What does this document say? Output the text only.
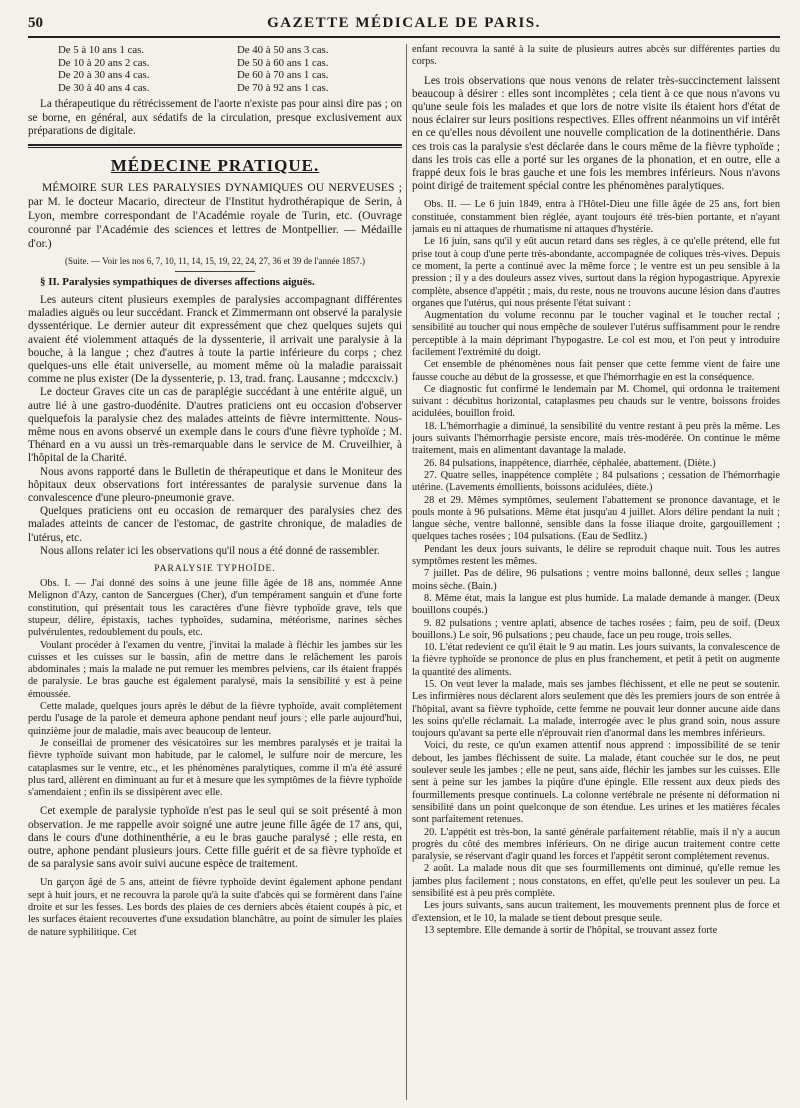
50	GAZETTE MÉDICALE DE PARIS.
De 5 à 10 ans 1 cas.	De 40 à 50 ans 3 cas.
De 10 à 20 ans 2 cas.	De 50 à 60 ans 1 cas.
De 20 à 30 ans 4 cas.	De 60 à 70 ans 1 cas.
De 30 à 40 ans 4 cas.	De 70 à 92 ans 1 cas.

La thérapeutique du rétrécissement de l'aorte n'existe pas pour ainsi dire pas ; on se borne, en général, aux sédatifs de la circulation, presque exclusivement aux préparations de digitale.

MÉDECINE PRATIQUE.
MÉMOIRE SUR LES PARALYSIES DYNAMIQUES OU NERVEUSES ; par M. le docteur Macario, directeur de l'Institut hydrothérapique de Serin, à Lyon, membre correspondant de l'Académie royale de Turin, etc. (Ouvrage couronné par l'Académie des sciences et lettres de Montpellier. — Médaille d'or.)
(Suite. — Voir les nos 6, 7, 10, 11, 14, 15, 19, 22, 24, 27, 36 et 39 de l'année 1857.)
§ II. Paralysies sympathiques de diverses affections aiguës.

Les auteurs citent plusieurs exemples de paralysies accompagnant différentes maladies aiguës ou leur succédant. Franck et Zimmermann ont observé la paralysie dyssentérique. Le dernier auteur dit expressément que chez quelques sujets qui avaient été violemment attaqués de la dyssenterie, il arrivait une paralysie à la bouche, à la langue ; chez d'autres à toute la partie inférieure du corps ; chez quelques-uns elle était universelle, au moment même où la maladie paraissait comme ne plus exister (De la dyssenterie, p. 13, trad. franç. Lausanne ; mdccxciv.)

Le docteur Graves cite un cas de paraplégie succédant à une entérite aiguë, un autre lié à une gastro-duodénite. D'autres praticiens ont eu occasion d'observer quelquefois la paralysie chez des malades atteints de fièvre intermittente. Nous-même nous en avons observé un exemple dans le cours d'une fièvre typhoïde ; M. Thénard en a vu aussi un très-remarquable dans le service de M. Cruveilhier, à l'hôpital de la Charité.

Nous avons rapporté dans le Bulletin de thérapeutique et dans le Moniteur des hôpitaux deux observations fort intéressantes de paralysie survenue dans la convalescence d'une pleuro-pneumonie grave.

Quelques praticiens ont eu occasion de remarquer des paralysies chez des malades atteints de cancer de l'estomac, de gastrite chronique, de maladies de l'utérus, etc.

Nous allons relater ici les observations qu'il nous a été donné de rassembler.

PARALYSIE TYPHOÏDE.

Obs. I. — J'ai donné des soins à une jeune fille âgée de 18 ans, nommée Anne Melignon d'Azy, canton de Sancergues (Cher), d'un tempérament sanguin et d'une forte constitution, qui présentait tous les caractères d'une fièvre typhoïde grave, tels que stupeur, délire, épistaxis, taches typhoïdes, sudamina, météorisme, narines sèches pulvérulentes, redoublement du pouls, etc.

Voulant procéder à l'examen du ventre, j'invitai la malade à fléchir les jambes sur les cuisses et les cuisses sur le bassin, afin de mettre dans le relâchement les parois abdominales ; mais la malade ne put remuer les membres pelviens, car ils étaient frappés de paralysie. Le bras gauche est également paralysé, mais la sensibilité y est à peine émoussée.

Cette malade, quelques jours après le début de la fièvre typhoïde, avait complètement perdu l'usage de la parole et demeura aphone pendant neuf jours ; elle parle aujourd'hui, quinzième jour de maladie, mais avec beaucoup de lenteur.

Je conseillai de promener des vésicatoires sur les membres paralysés et je traitai la fièvre typhoïde suivant mon habitude, par le calomel, le sulfure noir de mercure, les cataplasmes sur le ventre, etc., et les phénomènes paralytiques, comme il m'a été assuré plus tard, allèrent en diminuant au fur et à mesure que les symptômes de la fièvre typhoïde s'amendaient ; enfin ils se dissipèrent avec elle.

Cet exemple de paralysie typhoïde n'est pas le seul qui se soit présenté à mon observation. Je me rappelle avoir soigné une autre jeune fille âgée de 17 ans, qui, dans le cours d'une dothinenthérie, a eu le bras gauche paralysé ; elle resta, en outre, aphone pendant plusieurs jours. Cette fille guérit et de sa fièvre typhoïde et de sa paralysie sans avoir suivi aucune espèce de traitement.

Un garçon âgé de 5 ans, atteint de fièvre typhoïde devint également aphone pendant sept à huit jours, et ne recouvra la parole qu'à la suite d'abcès qui se formèrent dans l'aine droite et sur les fesses. Les bords des plaies de ces derniers abcès étaient coupés à pic, et les surfaces étaient recouvertes d'une exsudation blanchâtre, au point de simuler les plaies de nature syphilitique. Cet

enfant recouvra la santé à la suite de plusieurs autres abcès sur différentes parties du corps.

Les trois observations que nous venons de relater très-succinctement laissent beaucoup à désirer : elles sont incomplètes ; cela tient à ce que nous n'avons vu qu'une seule fois les malades et que lors de notre visite ils étaient hors d'état de nous éclairer sur leurs positions respectives. Elles offrent néanmoins un vif intérêt en ce qu'elles nous dévoilent une nouvelle complication de la dotinenthérie. Dans ces trois cas la paralysie s'est déclarée dans le cours même de la fièvre typhoïde ; dans les trois cas elle a porté sur les organes de la phonation, et en outre, elle a frappé deux fois le bras gauche et une fois les membres inférieurs. Nous n'avons point dirigé de traitement spécial contre les phénomènes paralytiques.

Obs. II. — Le 6 juin 1849, entra à l'Hôtel-Dieu une fille âgée de 25 ans, fort bien constituée, constamment bien réglée, ayant toujours été très-bien portante, et n'ayant jamais eu ni attaques de rhumatisme ni attaques d'hystérie.

Le 16 juin, sans qu'il y eût aucun retard dans ses règles, à ce qu'elle prétend, elle fut prise tout à coup d'une perte très-abondante, accompagnée de coliques très-vives. Depuis ce moment, la perte a continué avec la même force ; le ventre est un peu sensible à la pression ; il y a des douleurs assez vives, surtout dans la région hypogastrique. Apyrexie complète, absence d'appétit ; mais, du reste, nous ne trouvons aucune lésion dans d'autres organes que l'utérus, qui nous présente l'état suivant :

Augmentation du volume reconnu par le toucher vaginal et le toucher rectal ; sensibilité au toucher qui nous empêche de soulever l'utérus suffisamment pour le rendre perceptible à la main déprimant l'hypogastre. Le col est mou, et l'on peut y introduire facilement l'extrémité du doigt.

Cet ensemble de phénomènes nous fait penser que cette femme vient de faire une fausse couche au début de la grossesse, et que l'hémorrhagie en est la conséquence.

Ce diagnostic fut confirmé le lendemain par M. Chomel, qui ordonna le traitement suivant : décubitus horizontal, cataplasmes peu chauds sur le ventre, boissons froides acidulées, bouillon froid.

18. L'hémorrhagie a diminué, la sensibilité du ventre restant à peu près la même. Les jours suivants l'hémorrhagie persiste encore, mais très-modérée. On continue le même traitement, mais en alimentant davantage la malade.

26. 84 pulsations, inappétence, diarrhée, céphalée, abattement. (Diète.)

27. Quatre selles, inappétence complète ; 84 pulsations ; cessation de l'hémorrhagie utérine. (Lavements émollients, boissons acidulées, diète.)

28 et 29. Mêmes symptômes, seulement l'abattement se prononce davantage, et le pouls monte à 96 pulsations. Même état jusqu'au 4 juillet. Alors délire pendant la nuit ; langue sèche, ventre ballonné, sensible dans la fosse iliaque droite, gargouillement ; quelques taches rosées ; 104 pulsations. (Eau de Sedlitz.)

Pendant les deux jours suivants, le délire se reproduit chaque nuit. Tous les autres symptômes restent les mêmes.

7 juillet. Pas de délire, 96 pulsations ; ventre moins ballonné, deux selles ; langue moins sèche. (Bain.)

8. Même état, mais la langue est plus humide. La malade demande à manger. (Deux bouillons coupés.)

9. 82 pulsations ; ventre aplati, absence de taches rosées ; faim, peu de soif. (Deux bouillons.) Le soir, 96 pulsations ; peu chaude, face un peu rouge, trois selles.

10. L'état redevient ce qu'il était le 9 au matin. Les jours suivants, la convalescence de la fièvre typhoïde se prononce de plus en plus franchement, et petit à petit on augmente la quantité des aliments.

15. On veut lever la malade, mais ses jambes fléchissent, et elle ne peut se soutenir. Les infirmières nous déclarent alors seulement que dès les premiers jours de son entrée à l'hôpital, avant sa fièvre typhoïde, cette femme ne pouvait leur donner aucune aide dans les soins qu'elle réclamait. La malade, interrogée avec le plus grand soin, nous assure toujours qu'avant sa perte elle n'éprouvait rien d'anormal dans les membres inférieurs.

Voici, du reste, ce qu'un examen attentif nous apprend : impossibilité de se tenir debout, les jambes fléchissent de suite. La malade, étant couchée sur le dos, ne peut soulever seule les jambes ; elle ne peut, sans aide, fléchir les jambes sur les cuisses. Elle sent à peine sur les jambes la piqûre d'une épingle. Elle ressent aux deux pieds des fourmillements presque continuels. La colonne vertébrale ne présente ni déformation ni sensibilité dans un point quelconque de son étendue. Les urines et les matières fécales sont parfaitement retenues.

20. L'appétit est très-bon, la santé générale parfaitement rétablie, mais il n'y a aucun progrès du côté des membres inférieurs. On ne dirige aucun traitement contre cette paralysie, se réservant d'agir quand les forces et l'appétit seront complètement revenus.

2 août. La malade nous dit que ses fourmillements ont diminué, qu'elle remue les jambes plus facilement ; nous constatons, en effet, qu'elle peut les soulever un peu. La sensibilité est à peu près complète.

Les jours suivants, sans aucun traitement, les mouvements prennent plus de force et d'extension, et le 10, la malade se tient debout presque seule.

13 septembre. Elle demande à sortir de l'hôpital, se trouvant assez forte
